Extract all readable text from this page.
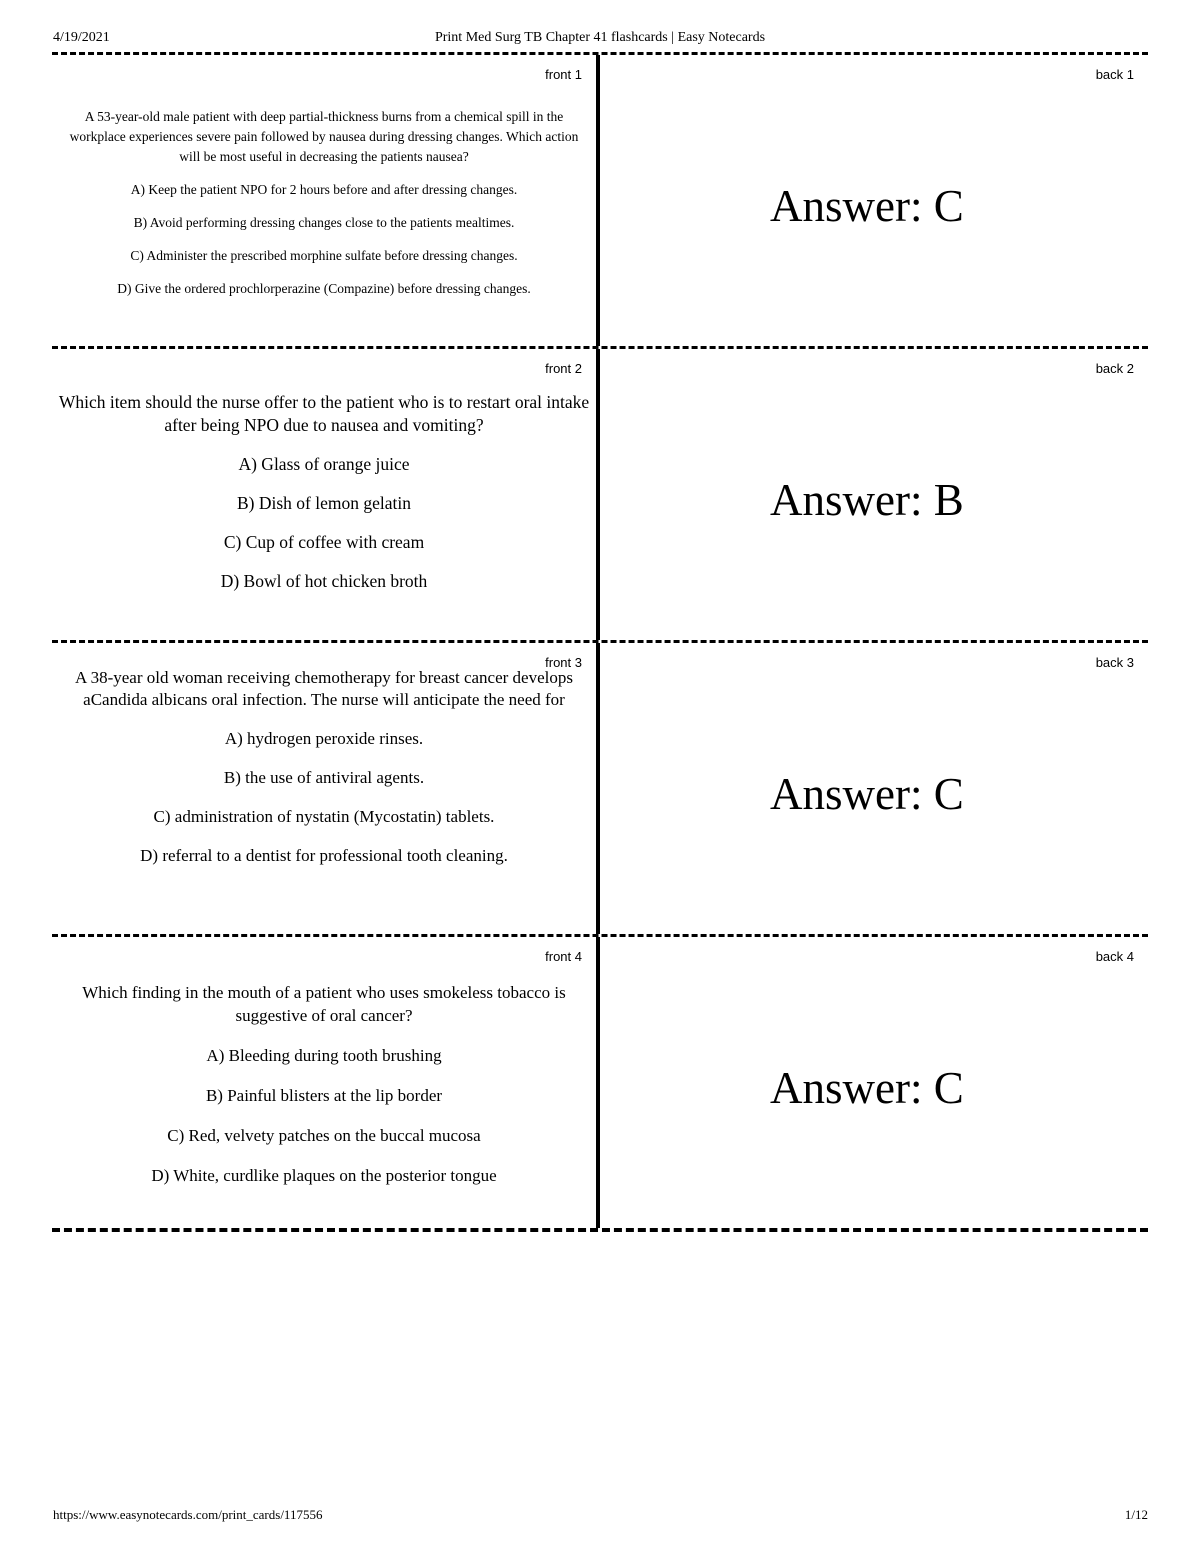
Print Med Surg TB Chapter 41 flashcards | Easy Notecards
4/19/2021
front 1

A 53-year-old male patient with deep partial-thickness burns from a chemical spill in the workplace experiences severe pain followed by nausea during dressing changes. Which action will be most useful in decreasing the patients nausea?

A) Keep the patient NPO for 2 hours before and after dressing changes.

B) Avoid performing dressing changes close to the patients mealtimes.

C) Administer the prescribed morphine sulfate before dressing changes.

D) Give the ordered prochlorperazine (Compazine) before dressing changes.

back 1
Answer: C
front 2

Which item should the nurse offer to the patient who is to restart oral intake after being NPO due to nausea and vomiting?

A) Glass of orange juice

B) Dish of lemon gelatin

C) Cup of coffee with cream

D) Bowl of hot chicken broth

back 2
Answer: B
front 3

A 38-year old woman receiving chemotherapy for breast cancer develops aCandida albicans oral infection. The nurse will anticipate the need for

A) hydrogen peroxide rinses.

B) the use of antiviral agents.

C) administration of nystatin (Mycostatin) tablets.

D) referral to a dentist for professional tooth cleaning.

back 3
Answer: C
front 4

Which finding in the mouth of a patient who uses smokeless tobacco is suggestive of oral cancer?

A) Bleeding during tooth brushing

B) Painful blisters at the lip border

C) Red, velvety patches on the buccal mucosa

D) White, curdlike plaques on the posterior tongue

back 4
Answer: C
https://www.easynotecards.com/print_cards/117556	1/12
